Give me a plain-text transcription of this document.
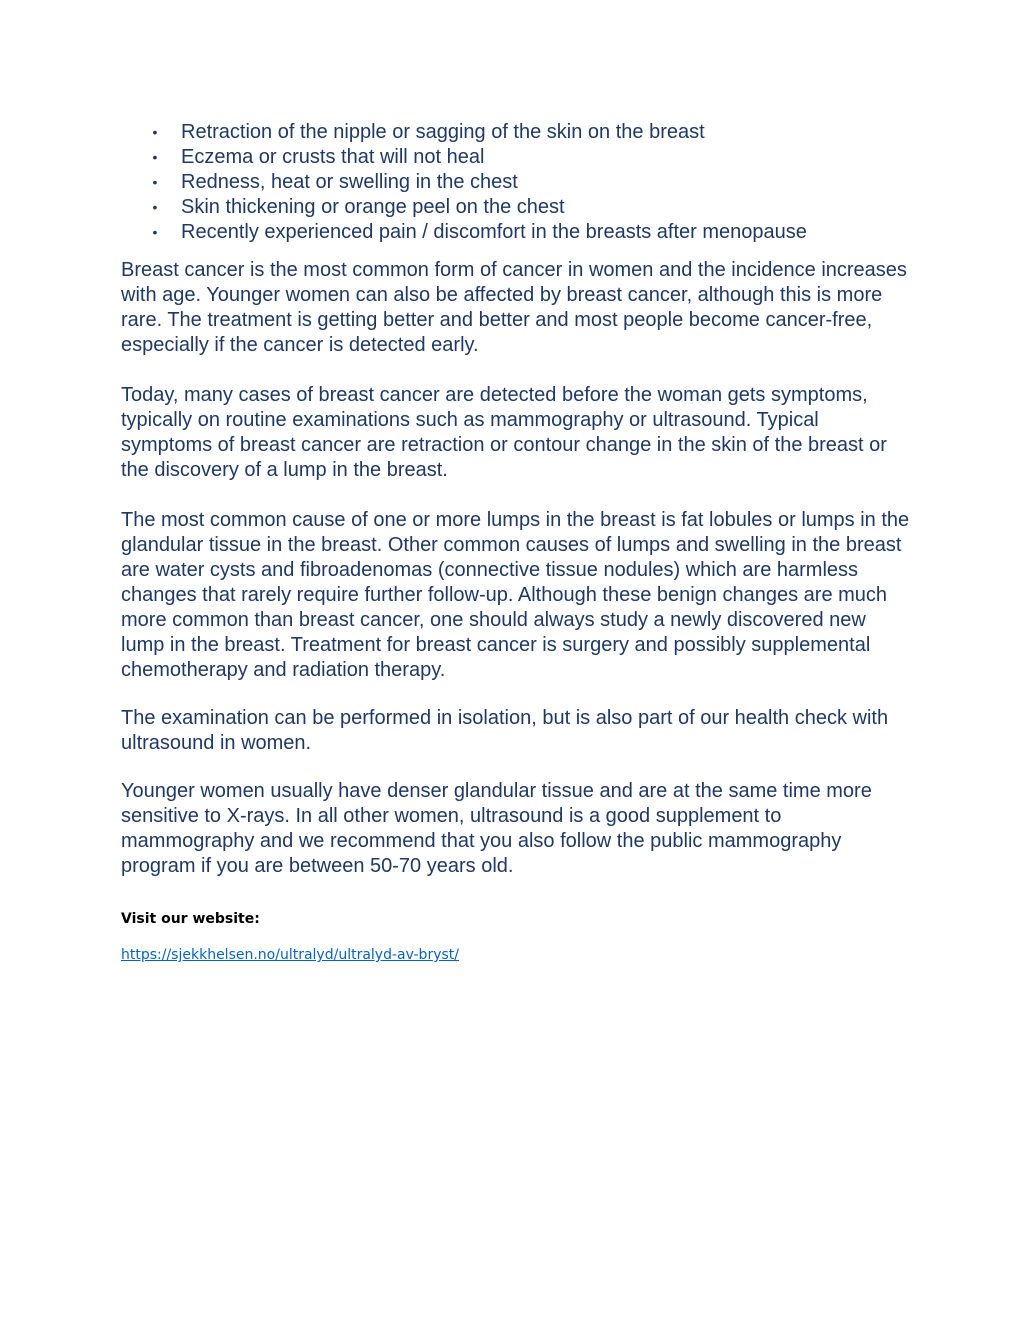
• Retraction of the nipple or sagging of the skin on the breast
• Eczema or crusts that will not heal
• Redness, heat or swelling in the chest
• Skin thickening or orange peel on the chest
• Recently experienced pain / discomfort in the breasts after menopause

Breast cancer is the most common form of cancer in women and the incidence increases with age. Younger women can also be affected by breast cancer, although this is more rare. The treatment is getting better and better and most people become cancer-free, especially if the cancer is detected early.

Today, many cases of breast cancer are detected before the woman gets symptoms, typically on routine examinations such as mammography or ultrasound. Typical symptoms of breast cancer are retraction or contour change in the skin of the breast or the discovery of a lump in the breast.

The most common cause of one or more lumps in the breast is fat lobules or lumps in the glandular tissue in the breast. Other common causes of lumps and swelling in the breast are water cysts and fibroadenomas (connective tissue nodules) which are harmless changes that rarely require further follow-up. Although these benign changes are much more common than breast cancer, one should always study a newly discovered new lump in the breast. Treatment for breast cancer is surgery and possibly supplemental chemotherapy and radiation therapy.

The examination can be performed in isolation, but is also part of our health check with ultrasound in women.

Younger women usually have denser glandular tissue and are at the same time more sensitive to X-rays. In all other women, ultrasound is a good supplement to mammography and we recommend that you also follow the public mammography program if you are between 50-70 years old.

Visit our website:
https://sjekkhelsen.no/ultralyd/ultralyd-av-bryst/
